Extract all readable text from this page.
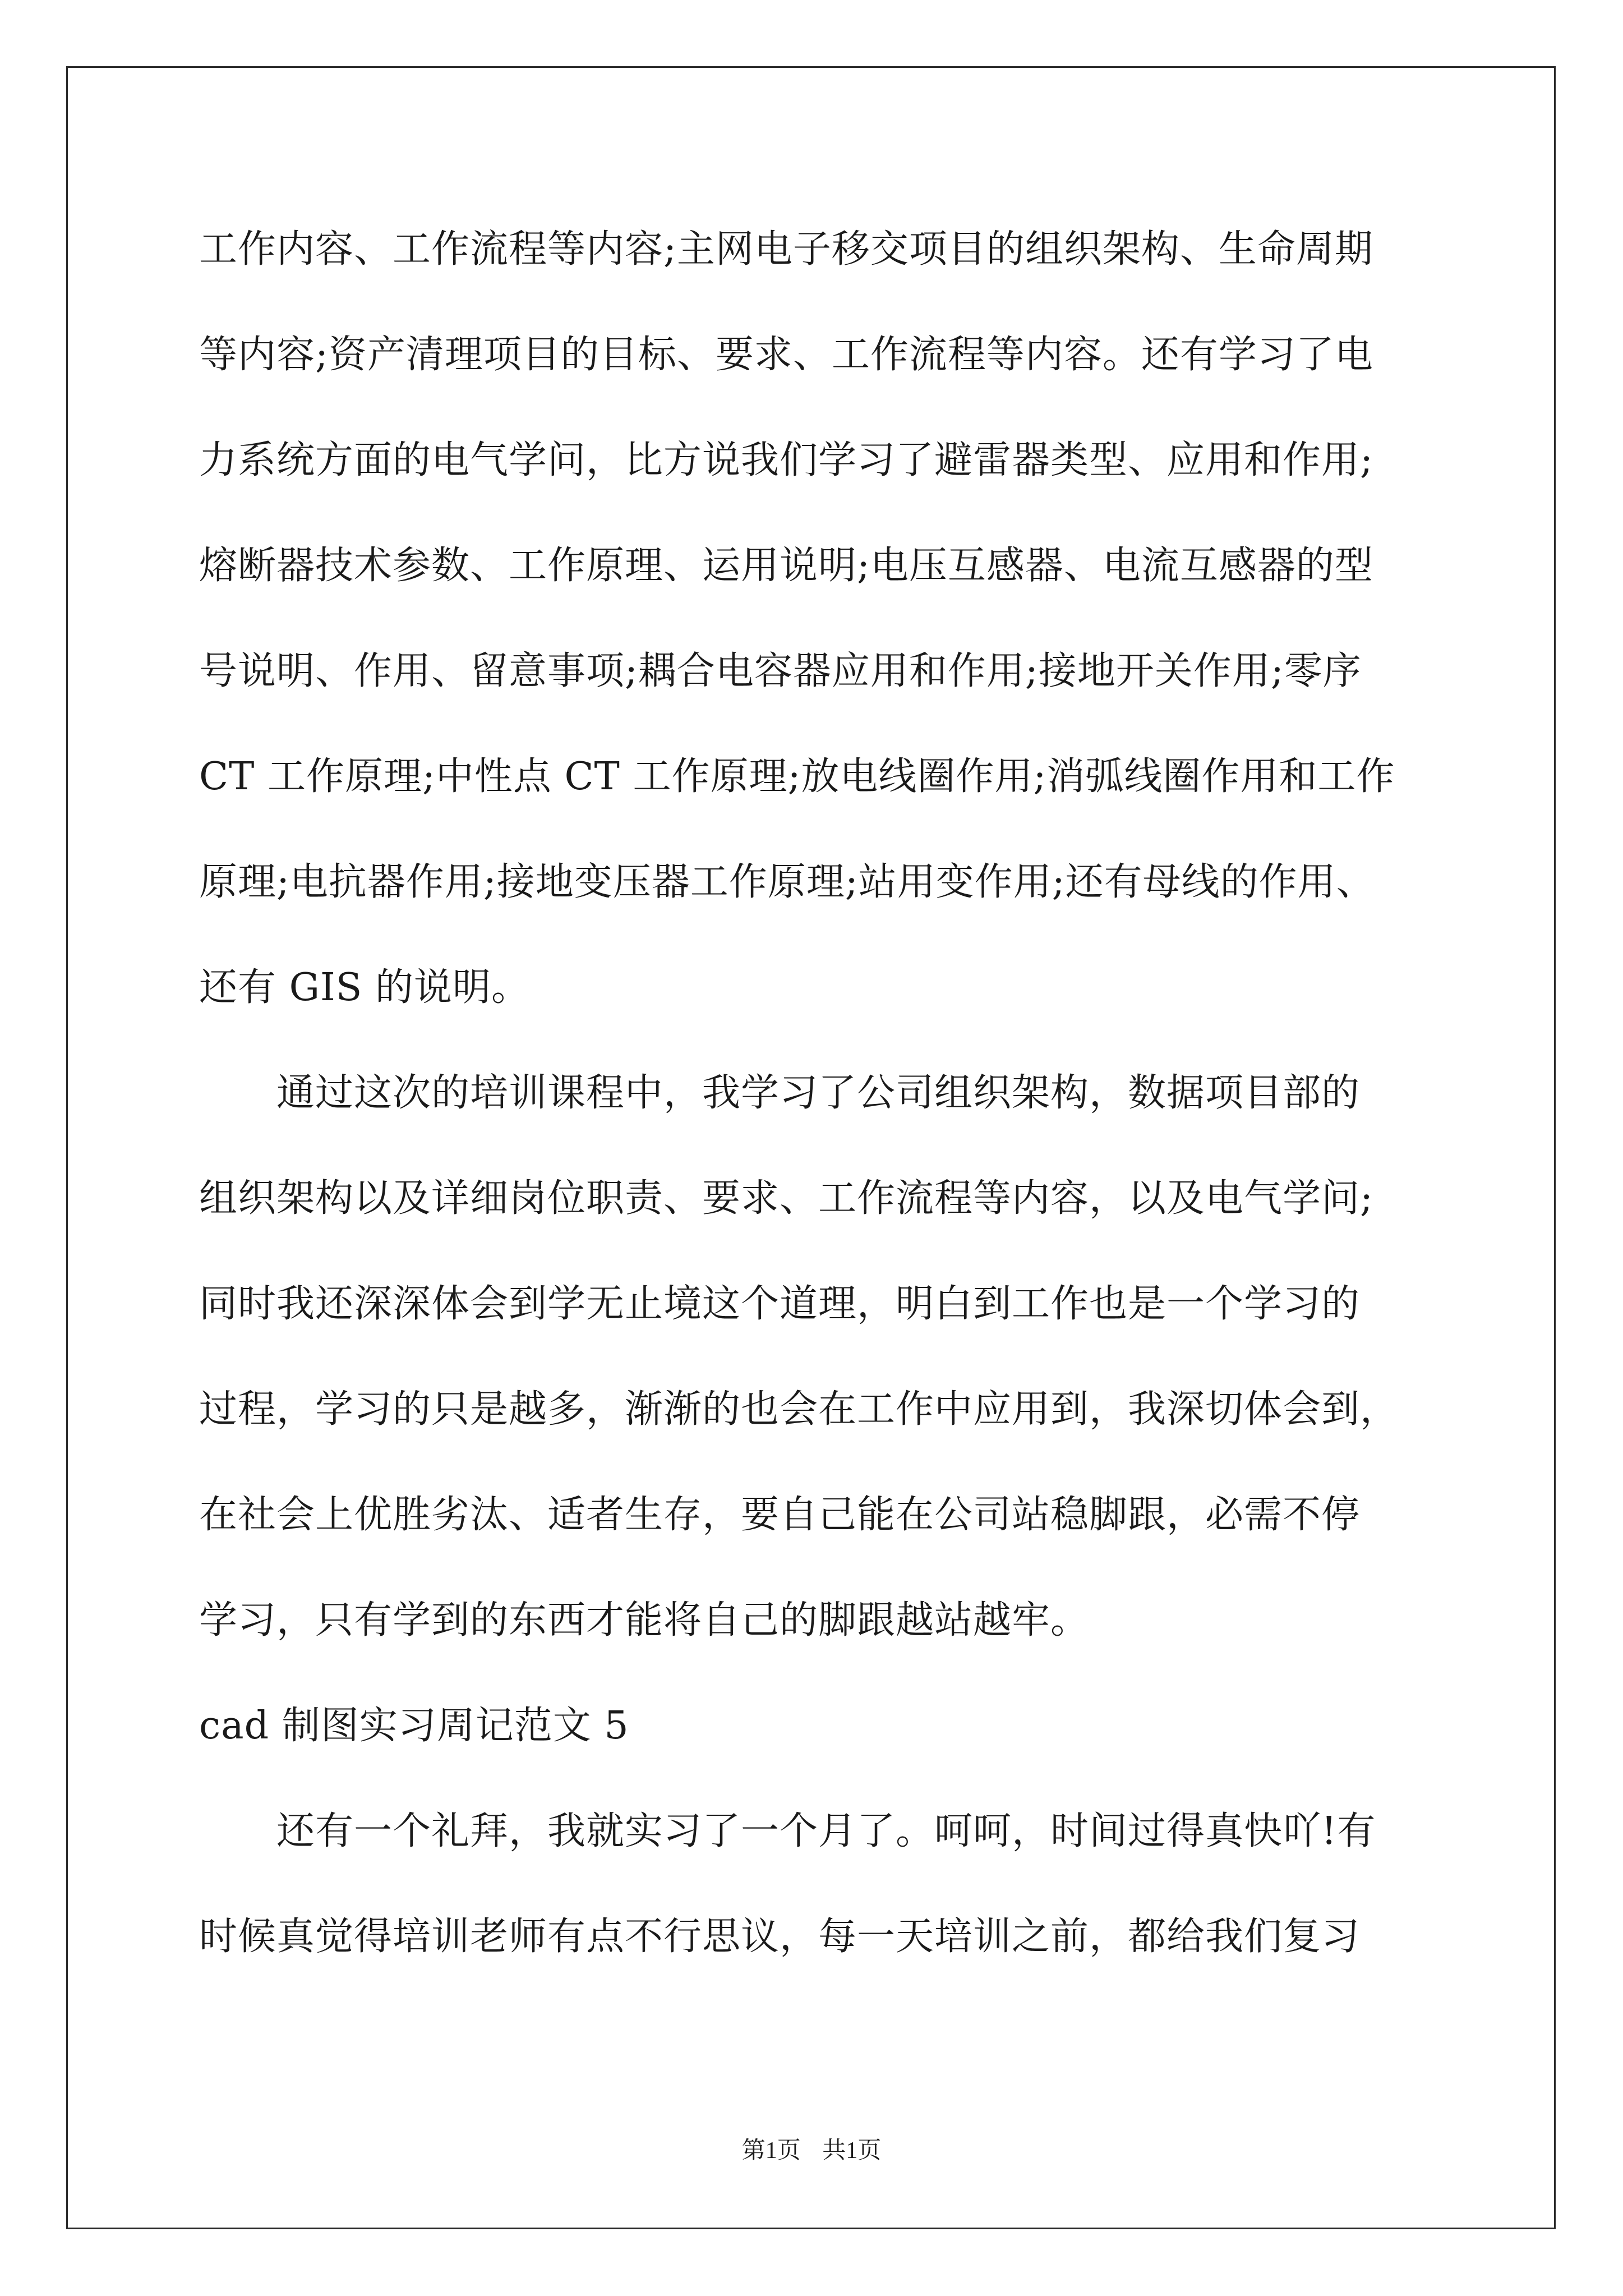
工作内容、工作流程等内容;主网电子移交项目的组织架构、生命周期
等内容;资产清理项目的目标、要求、工作流程等内容。还有学习了电
力系统方面的电气学问，比方说我们学习了避雷器类型、应用和作用;
熔断器技术参数、工作原理、运用说明;电压互感器、电流互感器的型
号说明、作用、留意事项;耦合电容器应用和作用;接地开关作用;零序
CT 工作原理;中性点 CT 工作原理;放电线圈作用;消弧线圈作用和工作
原理;电抗器作用;接地变压器工作原理;站用变作用;还有母线的作用、
还有 GIS 的说明。
　　通过这次的培训课程中，我学习了公司组织架构，数据项目部的
组织架构以及详细岗位职责、要求、工作流程等内容，以及电气学问;
同时我还深深体会到学无止境这个道理，明白到工作也是一个学习的
过程，学习的只是越多，渐渐的也会在工作中应用到，我深切体会到，
在社会上优胜劣汰、适者生存，要自己能在公司站稳脚跟，必需不停
学习，只有学到的东西才能将自己的脚跟越站越牢。
cad 制图实习周记范文 5
　　还有一个礼拜，我就实习了一个月了。呵呵，时间过得真快吖!有
时候真觉得培训老师有点不行思议，每一天培训之前，都给我们复习
第1页 共1页
